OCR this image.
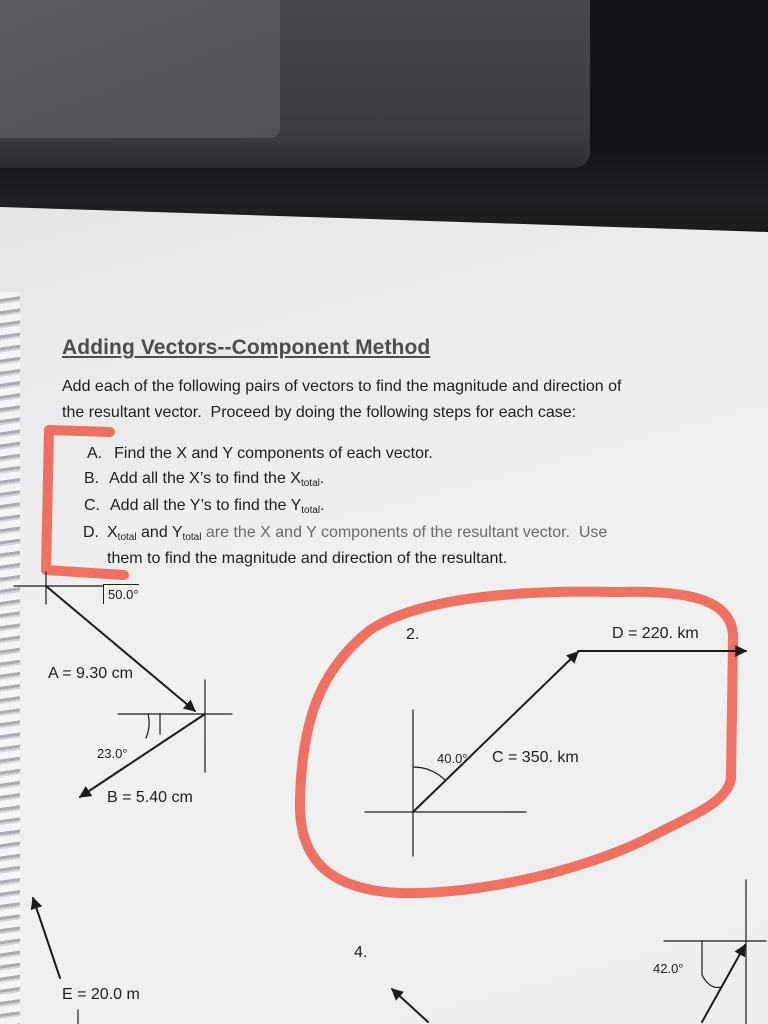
Adding Vectors--Component Method
Add each of the following pairs of vectors to find the magnitude and direction of
the resultant vector.  Proceed by doing the following steps for each case:
A. Find the X and Y components of each vector.
B. Add all the X’s to find the $X_{total}$.
C. Add all the Y’s to find the $Y_{total}$.
D. $X_{total}$ and $Y_{total}$ are the X and Y components of the resultant vector.  Use
them to find the magnitude and direction of the resultant.
50.0°
A = 9.30 cm
23.0°
B = 5.40 cm
2.	D = 220. km
40.0° C = 350. km
E = 20.0 m
4.
42.0°
